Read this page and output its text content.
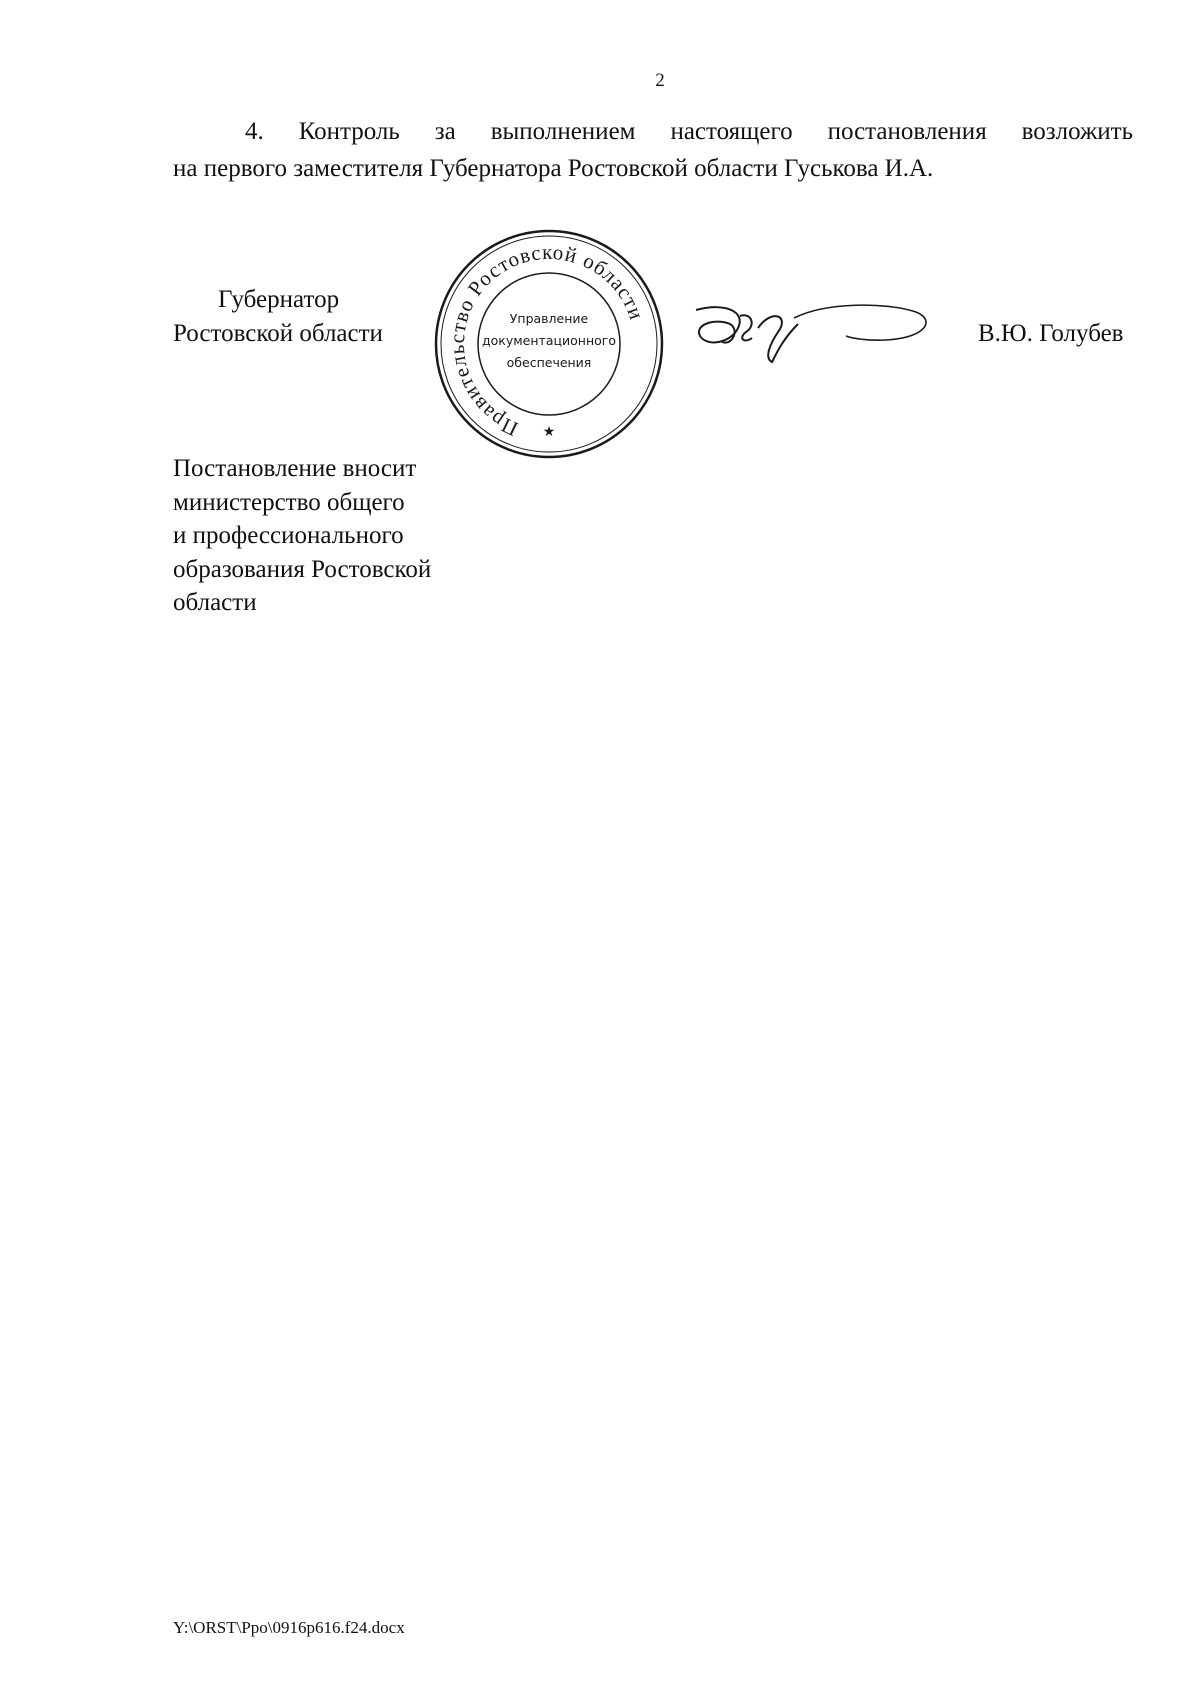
2
4. Контроль за выполнением настоящего постановления возложить
на первого заместителя Губернатора Ростовской области Гуськова И.А.
Губернатор
Ростовской области
Правительство Ростовской области
Управление
документационного
обеспечения
★
В.Ю. Голубев
Постановление вносит
министерство общего
и профессионального
образования Ростовской
области
Y:\ORST\Ppo\0916p616.f24.docx
